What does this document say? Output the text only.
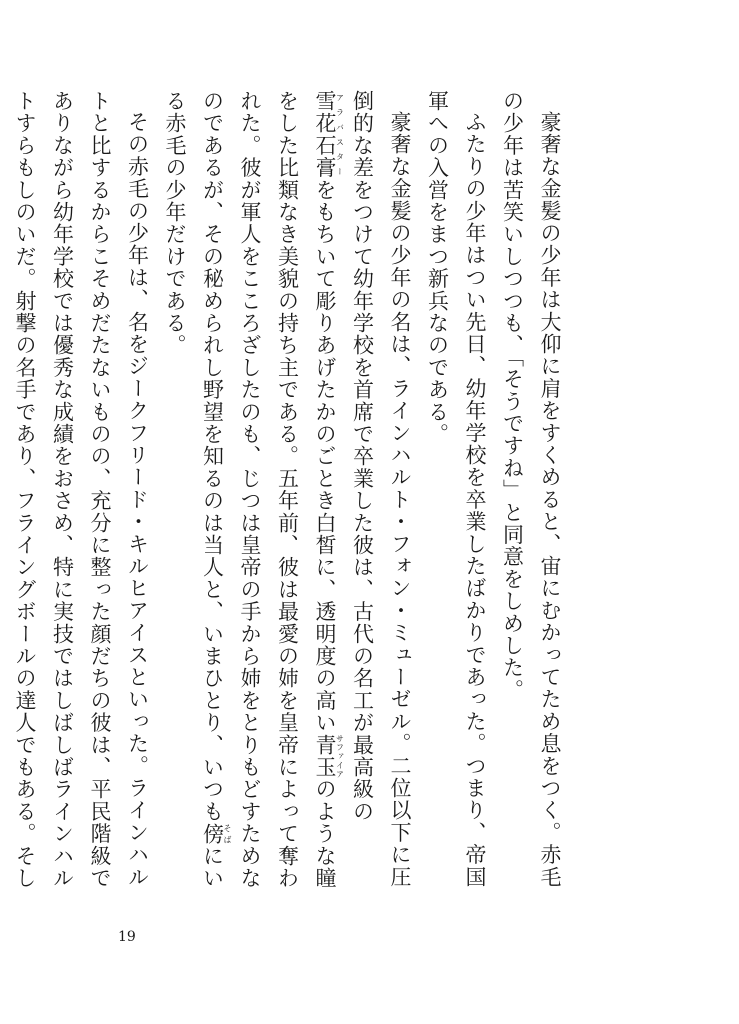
豪奢な金髪の少年は大仰に肩をすくめると、宙にむかってため息をつく。赤毛の少年は苦笑いしつつも、「そうですね」と同意をしめした。

ふたりの少年はつい先日、幼年学校を卒業したばかりであった。つまり、帝国軍への入営をまつ新兵なのである。

豪奢な金髪の少年の名は、ラインハルト・フォン・ミューゼル。二位以下に圧倒的な差をつけて幼年学校を首席で卒業した彼は、古代の名工が最高級の雪花石膏アラバスターをもちいて彫りあげたかのごとき白皙に、透明度の高い青玉サファイアのような瞳をした比類なき美貌の持ち主である。五年前、彼は最愛の姉を皇帝によって奪われた。彼が軍人をこころざしたのも、じつは皇帝の手から姉をとりもどすためなのであるが、その秘められし野望を知るのは当人と、いまひとり、いつも傍そばにいる赤毛の少年だけである。

その赤毛の少年は、名をジークフリード・キルヒアイスといった。ラインハルトと比するからこそめだたないものの、充分に整った顔だちの彼は、平民階級でありながら幼年学校では優秀な成績をおさめ、特に実技ではしばしばラインハルトすらもしのいだ。射撃の名手であり、フライングボールの達人でもある。そし

19
